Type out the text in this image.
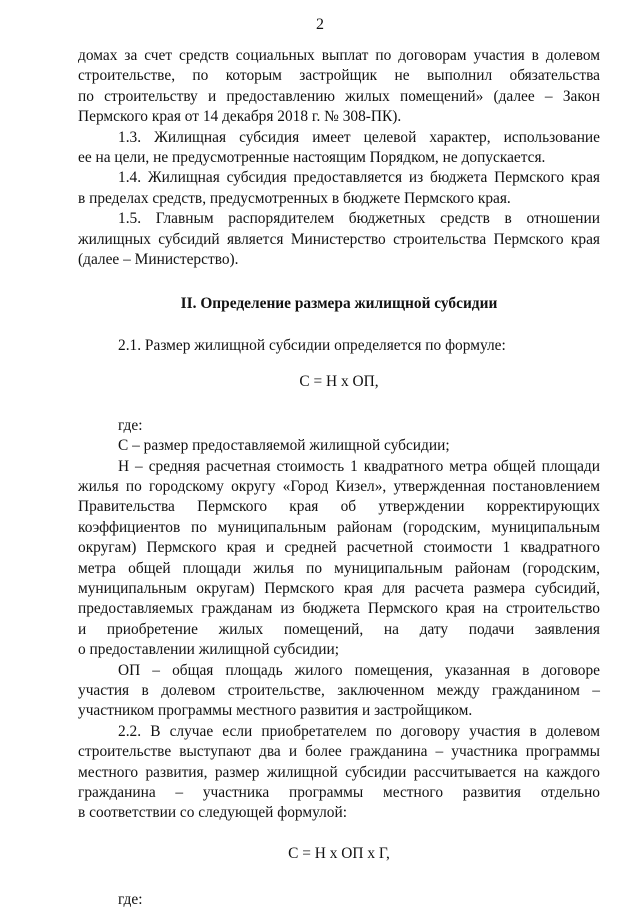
2
домах за счет средств социальных выплат по договорам участия в долевом
строительстве, по которым застройщик не выполнил обязательства
по строительству и предоставлению жилых помещений» (далее – Закон
Пермского края от 14 декабря 2018 г. № 308-ПК).
1.3. Жилищная субсидия имеет целевой характер, использование
ее на цели, не предусмотренные настоящим Порядком, не допускается.
1.4. Жилищная субсидия предоставляется из бюджета Пермского края
в пределах средств, предусмотренных в бюджете Пермского края.
1.5. Главным распорядителем бюджетных средств в отношении
жилищных субсидий является Министерство строительства Пермского края
(далее – Министерство).
II. Определение размера жилищной субсидии
2.1. Размер жилищной субсидии определяется по формуле:
С = Н х ОП,
где:
С – размер предоставляемой жилищной субсидии;
Н – средняя расчетная стоимость 1 квадратного метра общей площади
жилья по городскому округу «Город Кизел», утвержденная постановлением
Правительства Пермского края об утверждении корректирующих
коэффициентов по муниципальным районам (городским, муниципальным
округам) Пермского края и средней расчетной стоимости 1 квадратного
метра общей площади жилья по муниципальным районам (городским,
муниципальным округам) Пермского края для расчета размера субсидий,
предоставляемых гражданам из бюджета Пермского края на строительство
и приобретение жилых помещений, на дату подачи заявления
о предоставлении жилищной субсидии;
ОП – общая площадь жилого помещения, указанная в договоре
участия в долевом строительстве, заключенном между гражданином –
участником программы местного развития и застройщиком.
2.2. В случае если приобретателем по договору участия в долевом
строительстве выступают два и более гражданина – участника программы
местного развития, размер жилищной субсидии рассчитывается на каждого
гражданина – участника программы местного развития отдельно
в соответствии со следующей формулой:
С = Н х ОП х Г,
где:
